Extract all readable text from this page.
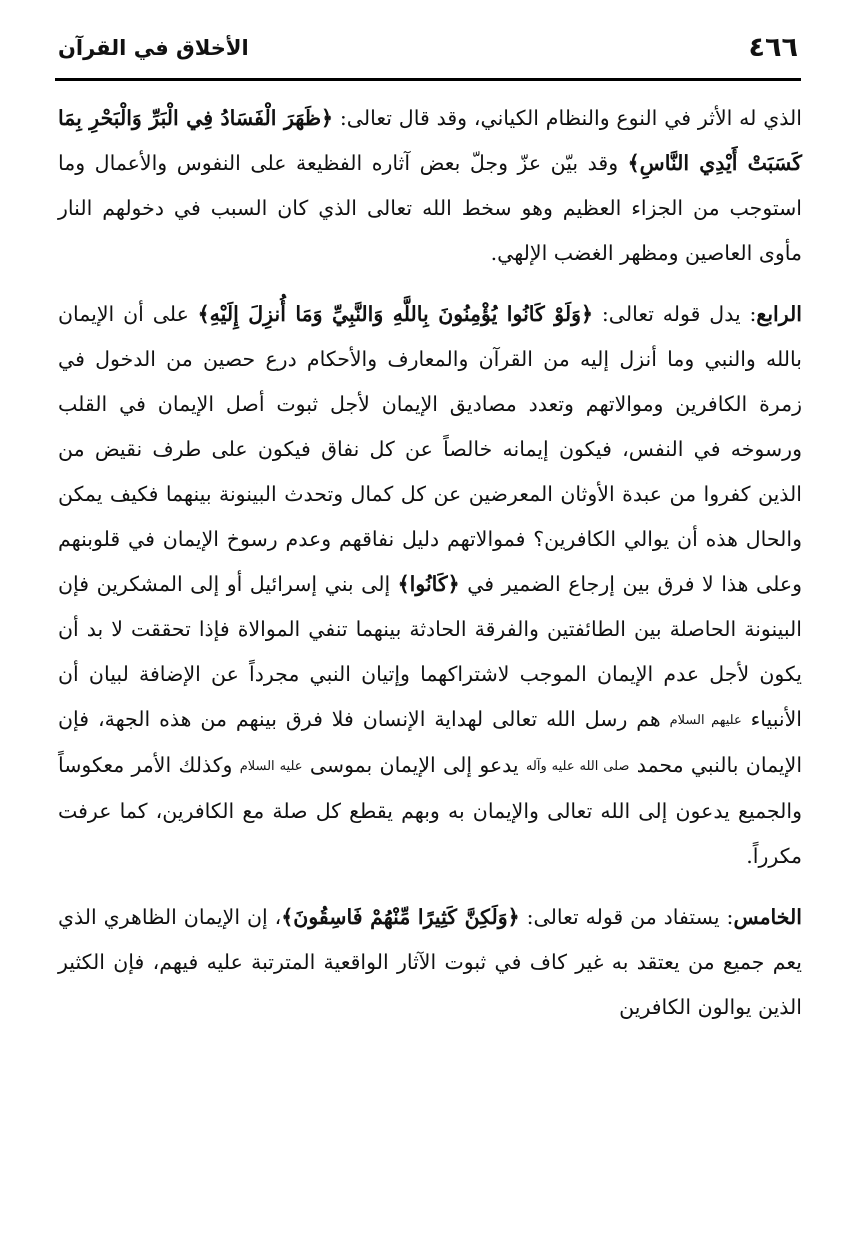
٤٦٦
الأخلاق في القرآن

الذي له الأثر في النوع والنظام الكياني، وقد قال تعالى: ﴿ظَهَرَ الْفَسَادُ فِي الْبَرِّ وَالْبَحْرِ بِمَا كَسَبَتْ أَيْدِي النَّاسِ﴾ وقد بيّن عزّ وجلّ بعض آثاره الفظيعة على النفوس والأعمال وما استوجب من الجزاء العظيم وهو سخط الله تعالى الذي كان السبب في دخولهم النار مأوى العاصين ومظهر الغضب الإلهي.

الرابع: يدل قوله تعالى: ﴿وَلَوْ كَانُوا يُؤْمِنُونَ بِاللَّهِ وَالنَّبِيِّ وَمَا أُنزِلَ إِلَيْهِ﴾ على أن الإيمان بالله والنبي وما أنزل إليه من القرآن والمعارف والأحكام درع حصين من الدخول في زمرة الكافرين وموالاتهم وتعدد مصاديق الإيمان لأجل ثبوت أصل الإيمان في القلب ورسوخه في النفس، فيكون إيمانه خالصاً عن كل نفاق فيكون على طرف نقيض من الذين كفروا من عبدة الأوثان المعرضين عن كل كمال وتحدث البينونة بينهما فكيف يمكن والحال هذه أن يوالي الكافرين؟ فموالاتهم دليل نفاقهم وعدم رسوخ الإيمان في قلوبنهم وعلى هذا لا فرق بين إرجاع الضمير في ﴿كَانُوا﴾ إلى بني إسرائيل أو إلى المشكرين فإن البينونة الحاصلة بين الطائفتين والفرقة الحادثة بينهما تنفي الموالاة فإذا تحققت لا بد أن يكون لأجل عدم الإيمان الموجب لاشتراكهما وإتيان النبي مجرداً عن الإضافة لبيان أن الأنبياء عليهم السلام هم رسل الله تعالى لهداية الإنسان فلا فرق بينهم من هذه الجهة، فإن الإيمان بالنبي محمد صلى الله عليه وآله يدعو إلى الإيمان بموسى عليه السلام وكذلك الأمر معكوساً والجميع يدعون إلى الله تعالى والإيمان به وبهم يقطع كل صلة مع الكافرين، كما عرفت مكرراً.

الخامس: يستفاد من قوله تعالى: ﴿وَلَكِنَّ كَثِيرًا مِّنْهُمْ فَاسِقُونَ﴾، إن الإيمان الظاهري الذي يعم جميع من يعتقد به غير كاف في ثبوت الآثار الواقعية المترتبة عليه فيهم، فإن الكثير الذين يوالون الكافرين
